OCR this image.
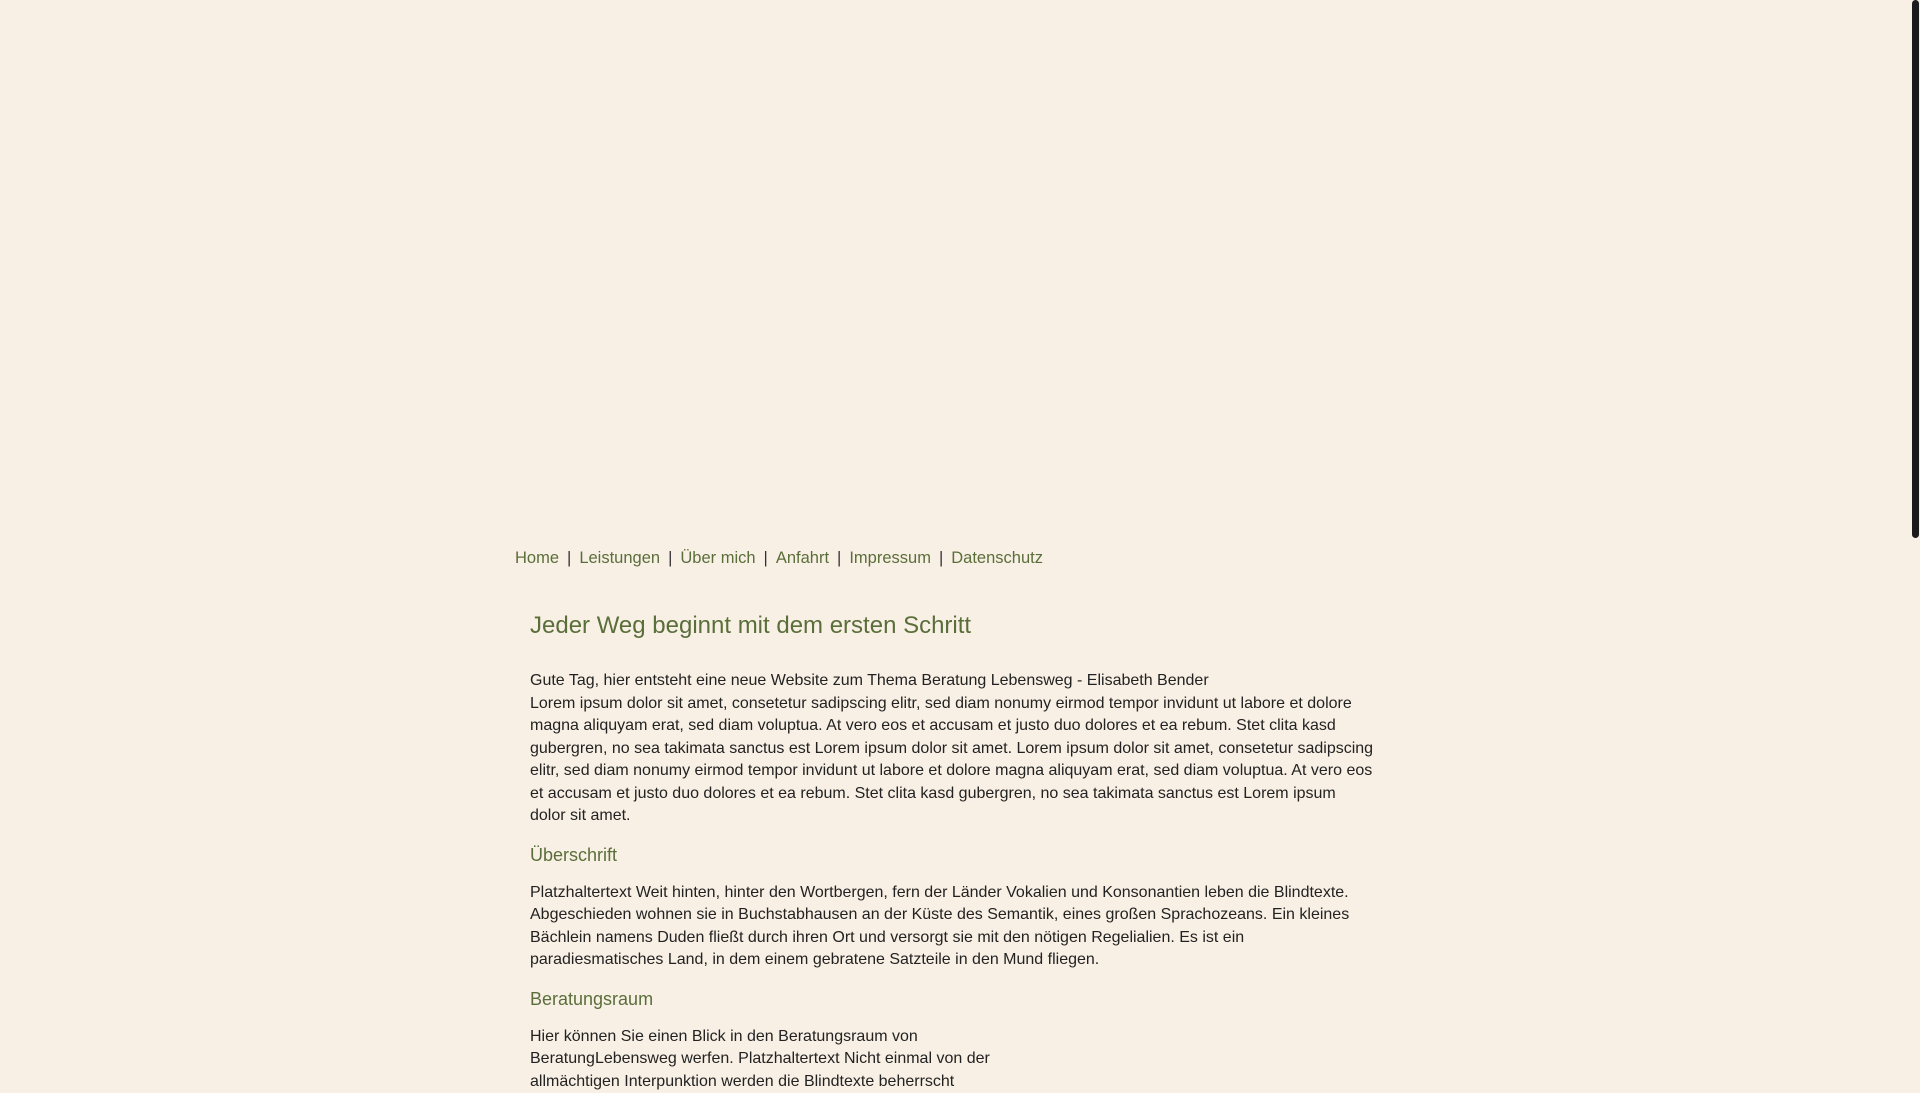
Home | Leistungen | Über mich | Anfahrt | Impressum | Datenschutz
Jeder Weg beginnt mit dem ersten Schritt

Gute Tag, hier entsteht eine neue Website zum Thema Beratung Lebensweg - Elisabeth Bender
Lorem ipsum dolor sit amet, consetetur sadipscing elitr, sed diam nonumy eirmod tempor invidunt ut labore et dolore magna aliquyam erat, sed diam voluptua. At vero eos et accusam et justo duo dolores et ea rebum. Stet clita kasd gubergren, no sea takimata sanctus est Lorem ipsum dolor sit amet. Lorem ipsum dolor sit amet, consetetur sadipscing elitr, sed diam nonumy eirmod tempor invidunt ut labore et dolore magna aliquyam erat, sed diam voluptua. At vero eos et accusam et justo duo dolores et ea rebum. Stet clita kasd gubergren, no sea takimata sanctus est Lorem ipsum dolor sit amet.

Überschrift

Platzhaltertext Weit hinten, hinter den Wortbergen, fern der Länder Vokalien und Konsonantien leben die Blindtexte. Abgeschieden wohnen sie in Buchstabhausen an der Küste des Semantik, eines großen Sprachozeans. Ein kleines Bächlein namens Duden fließt durch ihren Ort und versorgt sie mit den nötigen Regelialien. Es ist ein paradiesmatisches Land, in dem einem gebratene Satzteile in den Mund fliegen.

Beratungsraum

Hier können Sie einen Blick in den Beratungsraum von BeratungLebensweg werfen. Platzhaltertext Nicht einmal von der allmächtigen Interpunktion werden die Blindtexte beherrscht
